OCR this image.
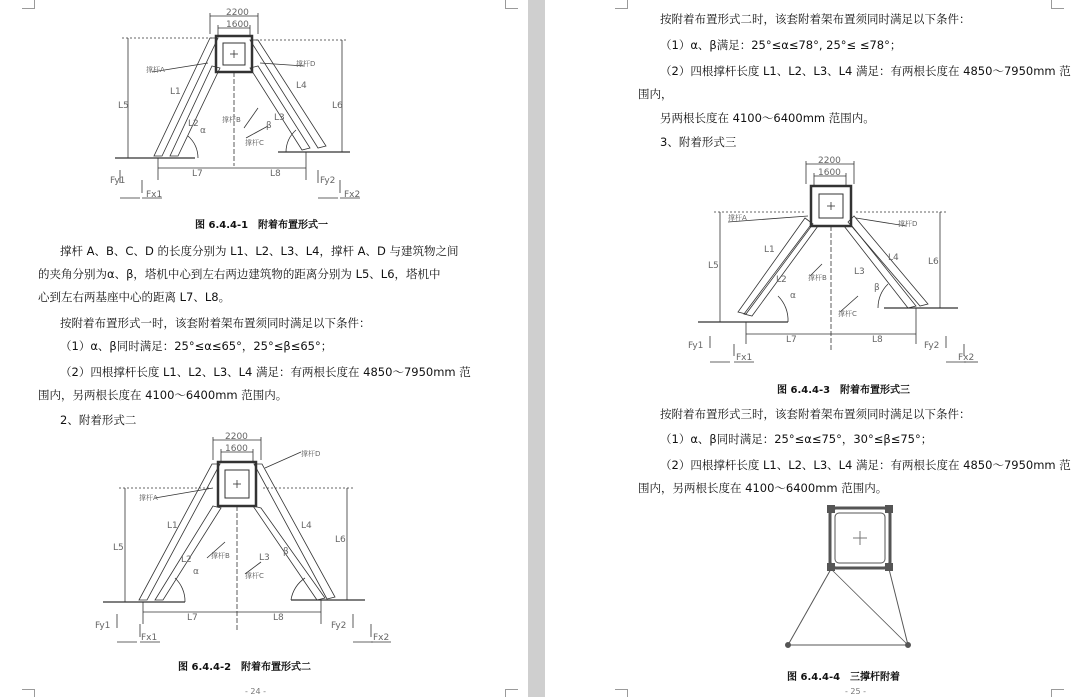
2200
1600
撑杆A
撑杆B
撑杆C
撑杆D
L1
L2
L3
L4
L5	L6
L7	L8
α	β
Fy1
Fx1
Fy2
Fx2
图 6.4.4-1　附着布置形式一
撑杆 A、B、C、D 的长度分别为 L1、L2、L3、L4，撑杆 A、D 与建筑物之间
的夹角分别为α、β，塔机中心到左右两边建筑物的距离分别为 L5、L6，塔机中
心到左右两基座中心的距离 L7、L8。
按附着布置形式一时，该套附着架布置须同时满足以下条件：
（1）α、β同时满足：25°≤α≤65°，25°≤β≤65°；
（2）四根撑杆长度 L1、L2、L3、L4 满足：有两根长度在 4850～7950mm 范
围内，另两根长度在 4100～6400mm 范围内。
2、附着形式二
2200
1600
撑杆A
撑杆B
撑杆C
撑杆D
L1
L2	L3
L4
L5
L6
L7	L8
α
β
Fy1
Fx1
Fy2
Fx2
图 6.4.4-2　附着布置形式二
- 24 -
按附着布置形式二时，该套附着架布置须同时满足以下条件：
（1）α、β满足：25°≤α≤78°, 25°≤ ≤78°；
（2）四根撑杆长度 L1、L2、L3、L4 满足：有两根长度在 4850～7950mm 范
围内，
另两根长度在 4100～6400mm 范围内。
3、附着形式三
2200
1600
撑杆A
撑杆B
撑杆C
撑杆D
L1
L2
L3
L4
L5	L6
L7	L8
α
β
Fy1
Fx1
Fy2
Fx2
图 6.4.4-3　附着布置形式三
按附着布置形式三时，该套附着架布置须同时满足以下条件：
（1）α、β同时满足：25°≤α≤75°，30°≤β≤75°；
（2）四根撑杆长度 L1、L2、L3、L4 满足：有两根长度在 4850～7950mm 范
围内，另两根长度在 4100～6400mm 范围内。
图 6.4.4-4　三撑杆附着
- 25 -
